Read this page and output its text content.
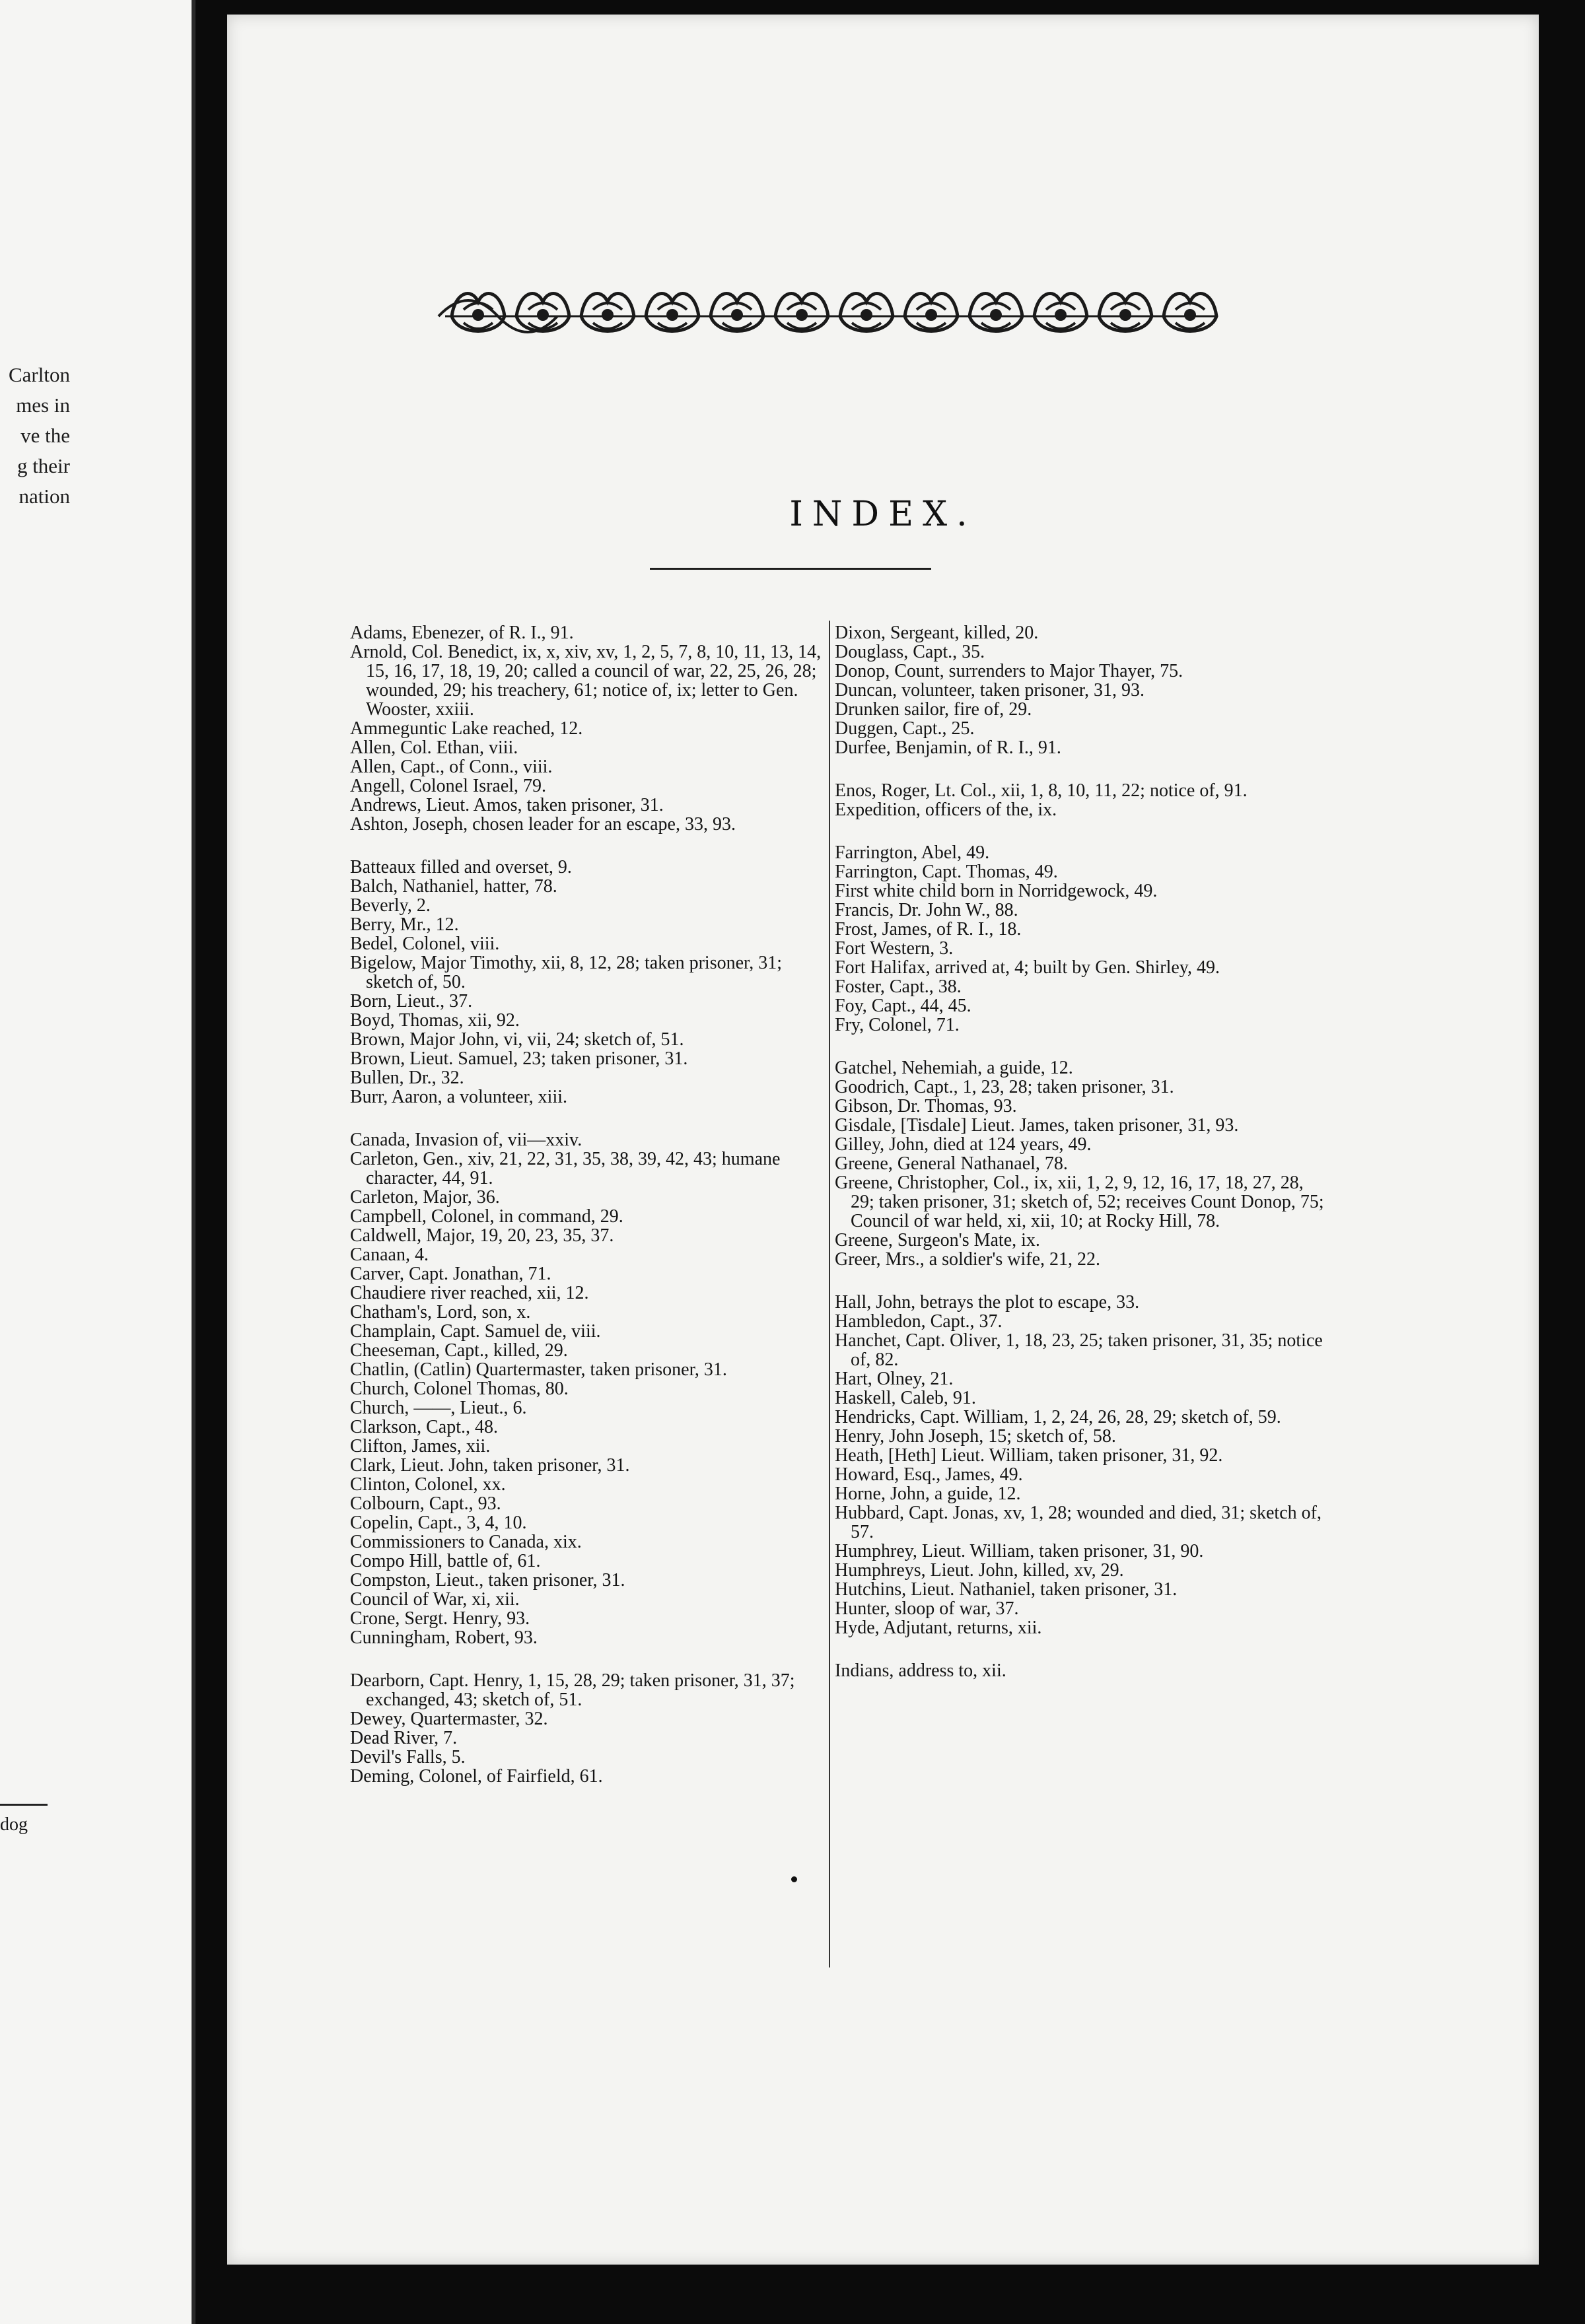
Carlton
mes in
ve the
g their
nation
dog
INDEX.
Adams, Ebenezer, of R. I., 91.
Arnold, Col. Benedict, ix, x, xiv, xv, 1, 2, 5, 7, 8, 10, 11, 13, 14, 15, 16, 17, 18, 19, 20; called a council of war, 22, 25, 26, 28; wounded, 29; his treachery, 61; notice of, ix; letter to Gen. Wooster, xxiii.
Ammeguntic Lake reached, 12.
Allen, Col. Ethan, viii.
Allen, Capt., of Conn., viii.
Angell, Colonel Israel, 79.
Andrews, Lieut. Amos, taken prisoner, 31.
Ashton, Joseph, chosen leader for an escape, 33, 93.
Batteaux filled and overset, 9.
Balch, Nathaniel, hatter, 78.
Beverly, 2.
Berry, Mr., 12.
Bedel, Colonel, viii.
Bigelow, Major Timothy, xii, 8, 12, 28; taken prisoner, 31; sketch of, 50.
Born, Lieut., 37.
Boyd, Thomas, xii, 92.
Brown, Major John, vi, vii, 24; sketch of, 51.
Brown, Lieut. Samuel, 23; taken prisoner, 31.
Bullen, Dr., 32.
Burr, Aaron, a volunteer, xiii.
Canada, Invasion of, vii—xxiv.
Carleton, Gen., xiv, 21, 22, 31, 35, 38, 39, 42, 43; humane character, 44, 91.
Carleton, Major, 36.
Campbell, Colonel, in command, 29.
Caldwell, Major, 19, 20, 23, 35, 37.
Canaan, 4.
Carver, Capt. Jonathan, 71.
Chaudiere river reached, xii, 12.
Chatham's, Lord, son, x.
Champlain, Capt. Samuel de, viii.
Cheeseman, Capt., killed, 29.
Chatlin, (Catlin) Quartermaster, taken prisoner, 31.
Church, Colonel Thomas, 80.
Church, ——, Lieut., 6.
Clarkson, Capt., 48.
Clifton, James, xii.
Clark, Lieut. John, taken prisoner, 31.
Clinton, Colonel, xx.
Colbourn, Capt., 93.
Copelin, Capt., 3, 4, 10.
Commissioners to Canada, xix.
Compo Hill, battle of, 61.
Compston, Lieut., taken prisoner, 31.
Council of War, xi, xii.
Crone, Sergt. Henry, 93.
Cunningham, Robert, 93.
Dearborn, Capt. Henry, 1, 15, 28, 29; taken prisoner, 31, 37; exchanged, 43; sketch of, 51.
Dewey, Quartermaster, 32.
Dead River, 7.
Devil's Falls, 5.
Deming, Colonel, of Fairfield, 61.
Dixon, Sergeant, killed, 20.
Douglass, Capt., 35.
Donop, Count, surrenders to Major Thayer, 75.
Duncan, volunteer, taken prisoner, 31, 93.
Drunken sailor, fire of, 29.
Duggen, Capt., 25.
Durfee, Benjamin, of R. I., 91.
Enos, Roger, Lt. Col., xii, 1, 8, 10, 11, 22; notice of, 91.
Expedition, officers of the, ix.
Farrington, Abel, 49.
Farrington, Capt. Thomas, 49.
First white child born in Norridgewock, 49.
Francis, Dr. John W., 88.
Frost, James, of R. I., 18.
Fort Western, 3.
Fort Halifax, arrived at, 4; built by Gen. Shirley, 49.
Foster, Capt., 38.
Foy, Capt., 44, 45.
Fry, Colonel, 71.
Gatchel, Nehemiah, a guide, 12.
Goodrich, Capt., 1, 23, 28; taken prisoner, 31.
Gibson, Dr. Thomas, 93.
Gisdale, [Tisdale] Lieut. James, taken prisoner, 31, 93.
Gilley, John, died at 124 years, 49.
Greene, General Nathanael, 78.
Greene, Christopher, Col., ix, xii, 1, 2, 9, 12, 16, 17, 18, 27, 28, 29; taken prisoner, 31; sketch of, 52; receives Count Donop, 75; Council of war held, xi, xii, 10; at Rocky Hill, 78.
Greene, Surgeon's Mate, ix.
Greer, Mrs., a soldier's wife, 21, 22.
Hall, John, betrays the plot to escape, 33.
Hambledon, Capt., 37.
Hanchet, Capt. Oliver, 1, 18, 23, 25; taken prisoner, 31, 35; notice of, 82.
Hart, Olney, 21.
Haskell, Caleb, 91.
Hendricks, Capt. William, 1, 2, 24, 26, 28, 29; sketch of, 59.
Henry, John Joseph, 15; sketch of, 58.
Heath, [Heth] Lieut. William, taken prisoner, 31, 92.
Howard, Esq., James, 49.
Horne, John, a guide, 12.
Hubbard, Capt. Jonas, xv, 1, 28; wounded and died, 31; sketch of, 57.
Humphrey, Lieut. William, taken prisoner, 31, 90.
Humphreys, Lieut. John, killed, xv, 29.
Hutchins, Lieut. Nathaniel, taken prisoner, 31.
Hunter, sloop of war, 37.
Hyde, Adjutant, returns, xii.
Indians, address to, xii.
